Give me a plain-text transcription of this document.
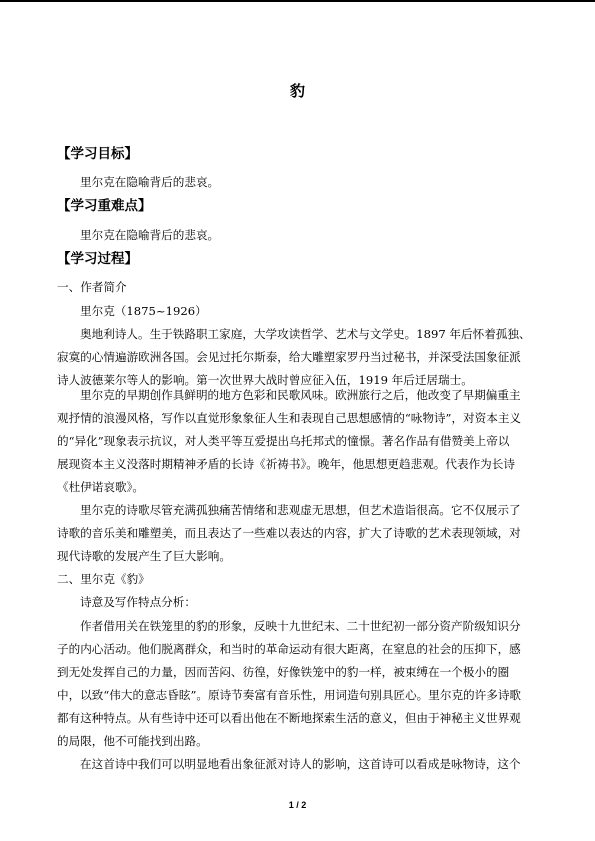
豹
【学习目标】
里尔克在隐喻背后的悲哀。
【学习重难点】
里尔克在隐喻背后的悲哀。
【学习过程】
一、作者简介
里尔克（1875~1926）
奥地利诗人。生于铁路职工家庭，大学攻读哲学、艺术与文学史。1897 年后怀着孤独、
寂寞的心情遍游欧洲各国。会见过托尔斯泰，给大雕塑家罗丹当过秘书，并深受法国象征派
诗人波德莱尔等人的影响。第一次世界大战时曾应征入伍，1919 年后迁居瑞士。
里尔克的早期创作具鲜明的地方色彩和民歌风味。欧洲旅行之后，他改变了早期偏重主
观抒情的浪漫风格，写作以直觉形象象征人生和表现自己思想感情的“咏物诗”，对资本主义
的“异化”现象表示抗议，对人类平等互爱提出乌托邦式的憧憬。著名作品有借赞美上帝以
展现资本主义没落时期精神矛盾的长诗《祈祷书》。晚年，他思想更趋悲观。代表作为长诗
《杜伊诺哀歌》。
里尔克的诗歌尽管充满孤独痛苦情绪和悲观虚无思想，但艺术造诣很高。它不仅展示了
诗歌的音乐美和雕塑美，而且表达了一些难以表达的内容，扩大了诗歌的艺术表现领域，对
现代诗歌的发展产生了巨大影响。
二、里尔克《豹》
诗意及写作特点分析：
作者借用关在铁笼里的豹的形象，反映十九世纪末、二十世纪初一部分资产阶级知识分
子的内心活动。他们脱离群众，和当时的革命运动有很大距离，在窒息的社会的压抑下，感
到无处发挥自己的力量，因而苦闷、彷徨，好像铁笼中的豹一样，被束缚在一个极小的圈
中，以致“伟大的意志昏眩”。原诗节奏富有音乐性，用词造句别具匠心。里尔克的许多诗歌
都有这种特点。从有些诗中还可以看出他在不断地探索生活的意义，但由于神秘主义世界观
的局限，他不可能找到出路。
在这首诗中我们可以明显地看出象征派对诗人的影响，这首诗可以看成是咏物诗，这个
1 / 2
